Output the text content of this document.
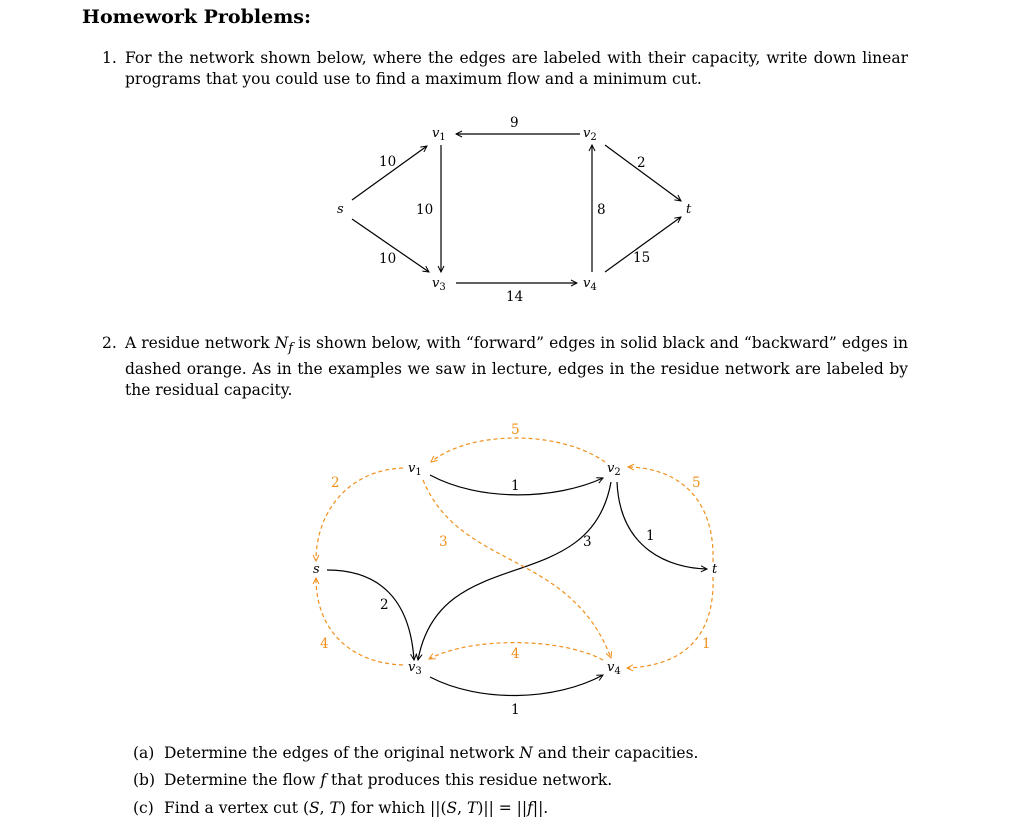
Homework Problems:
1. For the network shown below, where the edges are labeled with their capacity, write down linear programs that you could use to find a maximum flow and a minimum cut.
2. A residue network $N_f$ is shown below, with “forward” edges in solid black and “backward” edges in dashed orange. As in the examples we saw in lecture, edges in the residue network are labeled by the residual capacity.
s
$v_1$	$v_2$
$v_3$	$v_4$
t
10
10
10
9
8
2
14
15
s
$v_1$	$v_2$
$v_3$	$v_4$
t
1
3	1
2
1
5
2
3
5
4
4
1
(a) Determine the edges of the original network N and their capacities.
(b) Determine the flow f that produces this residue network.
(c) Find a vertex cut (S, T) for which ||(S, T)|| = ||f||.
